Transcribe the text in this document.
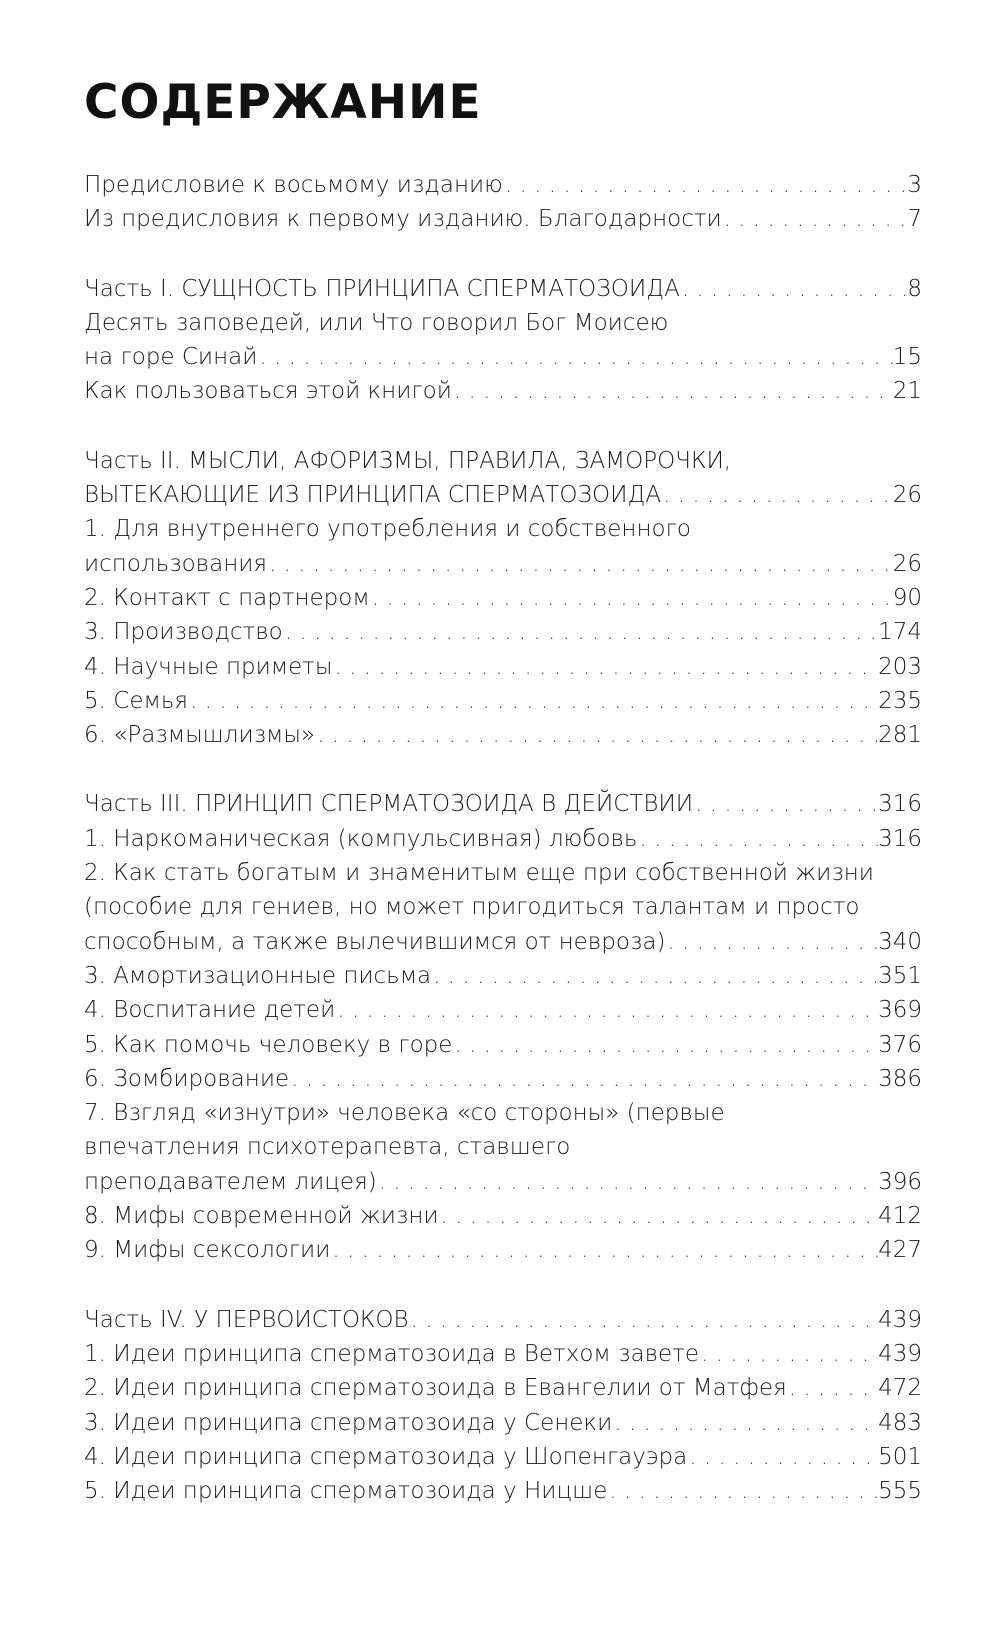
СОДЕРЖАНИЕ
Предисловие к восьмому изданию . . .	3
Из предисловия к первому изданию. Благодарности . . .	7
Часть I. СУЩНОСТЬ ПРИНЦИПА СПЕРМАТОЗОИДА . . .	8
Десять заповедей, или Что говорил Бог Моисею
на горе Синай . . .	15
Как пользоваться этой книгой . . .	21
Часть II. МЫСЛИ, АФОРИЗМЫ, ПРАВИЛА, ЗАМОРОЧКИ,
ВЫТЕКАЮЩИЕ ИЗ ПРИНЦИПА СПЕРМАТОЗОИДА . . .	26
1. Для внутреннего употребления и собственного
использования . . .	26
2. Контакт с партнером . . .	90
3. Производство . . .	174
4. Научные приметы . . .	203
5. Семья . . .	235
6. «Размышлизмы» . . .	281
Часть III. ПРИНЦИП СПЕРМАТОЗОИДА В ДЕЙСТВИИ . . .	316
1. Наркоманическая (компульсивная) любовь . . .	316
2. Как стать богатым и знаменитым еще при собственной жизни
(пособие для гениев, но может пригодиться талантам и просто
способным, а также вылечившимся от невроза) . . .	340
3. Амортизационные письма . . .	351
4. Воспитание детей . . .	369
5. Как помочь человеку в горе . . .	376
6. Зомбирование . . .	386
7. Взгляд «изнутри» человека «со стороны» (первые
впечатления психотерапевта, ставшего
преподавателем лицея) . . .	396
8. Мифы современной жизни . . .	412
9. Мифы сексологии . . .	427
Часть IV. У ПЕРВОИСТОКОВ . . .	439
1. Идеи принципа сперматозоида в Ветхом завете . . .	439
2. Идеи принципа сперматозоида в Евангелии от Матфея . . .	472
3. Идеи принципа сперматозоида у Сенеки . . .	483
4. Идеи принципа сперматозоида у Шопенгауэра . . .	501
5. Идеи принципа сперматозоида у Ницше . . .	555
